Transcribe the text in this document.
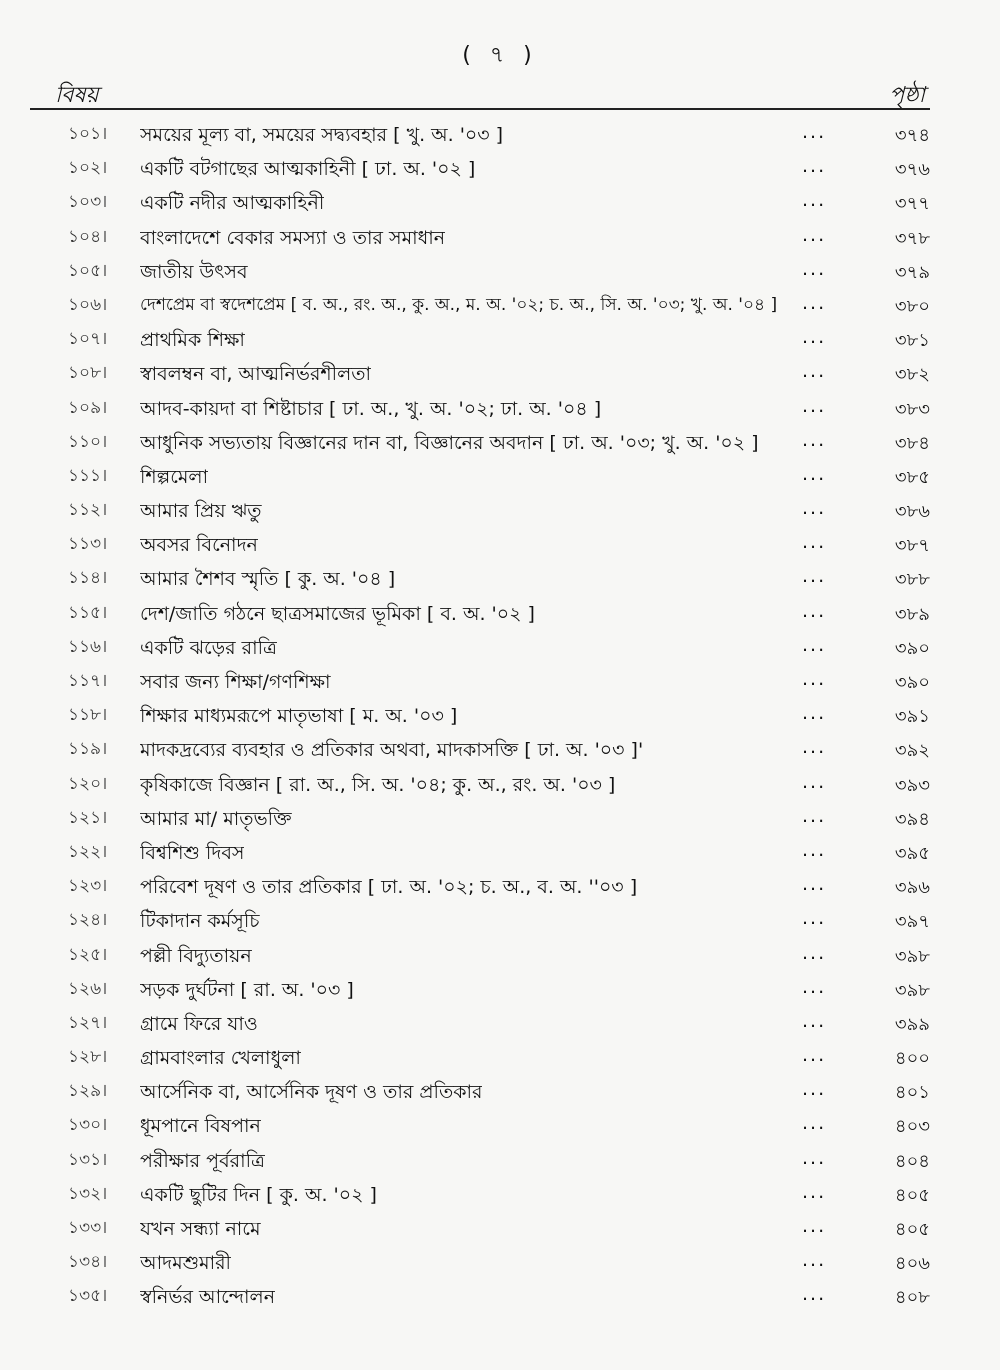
( ৭ )
বিষয়	পৃষ্ঠা
১০১।	সময়ের মূল্য বা, সময়ের সদ্ব্যবহার [ খু. অ. '০৩ ]	...	৩৭৪
১০২।	একটি বটগাছের আত্মকাহিনী [ ঢা. অ. '০২ ]	...	৩৭৬
১০৩।	একটি নদীর আত্মকাহিনী	...	৩৭৭
১০৪।	বাংলাদেশে বেকার সমস্যা ও তার সমাধান	...	৩৭৮
১০৫।	জাতীয় উৎসব	...	৩৭৯
১০৬।	দেশপ্রেম বা স্বদেশপ্রেম [ ব. অ., রং. অ., কু. অ., ম. অ. '০২; চ. অ., সি. অ. '০৩; খু. অ. '০৪ ] ...	৩৮০
১০৭।	প্রাথমিক শিক্ষা	...	৩৮১
১০৮।	স্বাবলম্বন বা, আত্মনির্ভরশীলতা	...	৩৮২
১০৯।	আদব-কায়দা বা শিষ্টাচার [ ঢা. অ., খু. অ. '০২; ঢা. অ. '০৪ ]	...	৩৮৩
১১০।	আধুনিক সভ্যতায় বিজ্ঞানের দান বা, বিজ্ঞানের অবদান [ ঢা. অ. '০৩; খু. অ. '০২ ] ...	৩৮৪
১১১।	শিল্পমেলা	...	৩৮৫
১১২।	আমার প্রিয় ঋতু	...	৩৮৬
১১৩।	অবসর বিনোদন	...	৩৮৭
১১৪।	আমার শৈশব স্মৃতি [ কু. অ. '০৪ ]	...	৩৮৮
১১৫।	দেশ/জাতি গঠনে ছাত্রসমাজের ভূমিকা [ ব. অ. '০২ ]	...	৩৮৯
১১৬।	একটি ঝড়ের রাত্রি	...	৩৯০
১১৭।	সবার জন্য শিক্ষা/গণশিক্ষা	...	৩৯০
১১৮।	শিক্ষার মাধ্যমরূপে মাতৃভাষা [ ম. অ. '০৩ ]	...	৩৯১
১১৯।	মাদকদ্রব্যের ব্যবহার ও প্রতিকার অথবা, মাদকাসক্তি [ ঢা. অ. '০৩ ]'	...	৩৯২
১২০।	কৃষিকাজে বিজ্ঞান [ রা. অ., সি. অ. '০৪; কু. অ., রং. অ. '০৩ ]	...	৩৯৩
১২১।	আমার মা/ মাতৃভক্তি	...	৩৯৪
১২২।	বিশ্বশিশু দিবস	...	৩৯৫
১২৩।	পরিবেশ দূষণ ও তার প্রতিকার [ ঢা. অ. '০২; চ. অ., ব. অ. ''০৩ ]	...	৩৯৬
১২৪।	টিকাদান কর্মসূচি	...	৩৯৭
১২৫।	পল্লী বিদ্যুতায়ন	...	৩৯৮
১২৬।	সড়ক দুর্ঘটনা [ রা. অ. '০৩ ]	...	৩৯৮
১২৭।	গ্রামে ফিরে যাও	...	৩৯৯
১২৮।	গ্রামবাংলার খেলাধুলা	...	৪০০
১২৯।	আর্সেনিক বা, আর্সেনিক দূষণ ও তার প্রতিকার	...	৪০১
১৩০।	ধূমপানে বিষপান	...	৪০৩
১৩১।	পরীক্ষার পূর্বরাত্রি	...	৪০৪
১৩২।	একটি ছুটির দিন [ কু. অ. '০২ ]	...	৪০৫
১৩৩।	যখন সন্ধ্যা নামে	...	৪০৫
১৩৪।	আদমশুমারী	...	৪০৬
১৩৫।	স্বনির্ভর আন্দোলন	...	৪০৮
